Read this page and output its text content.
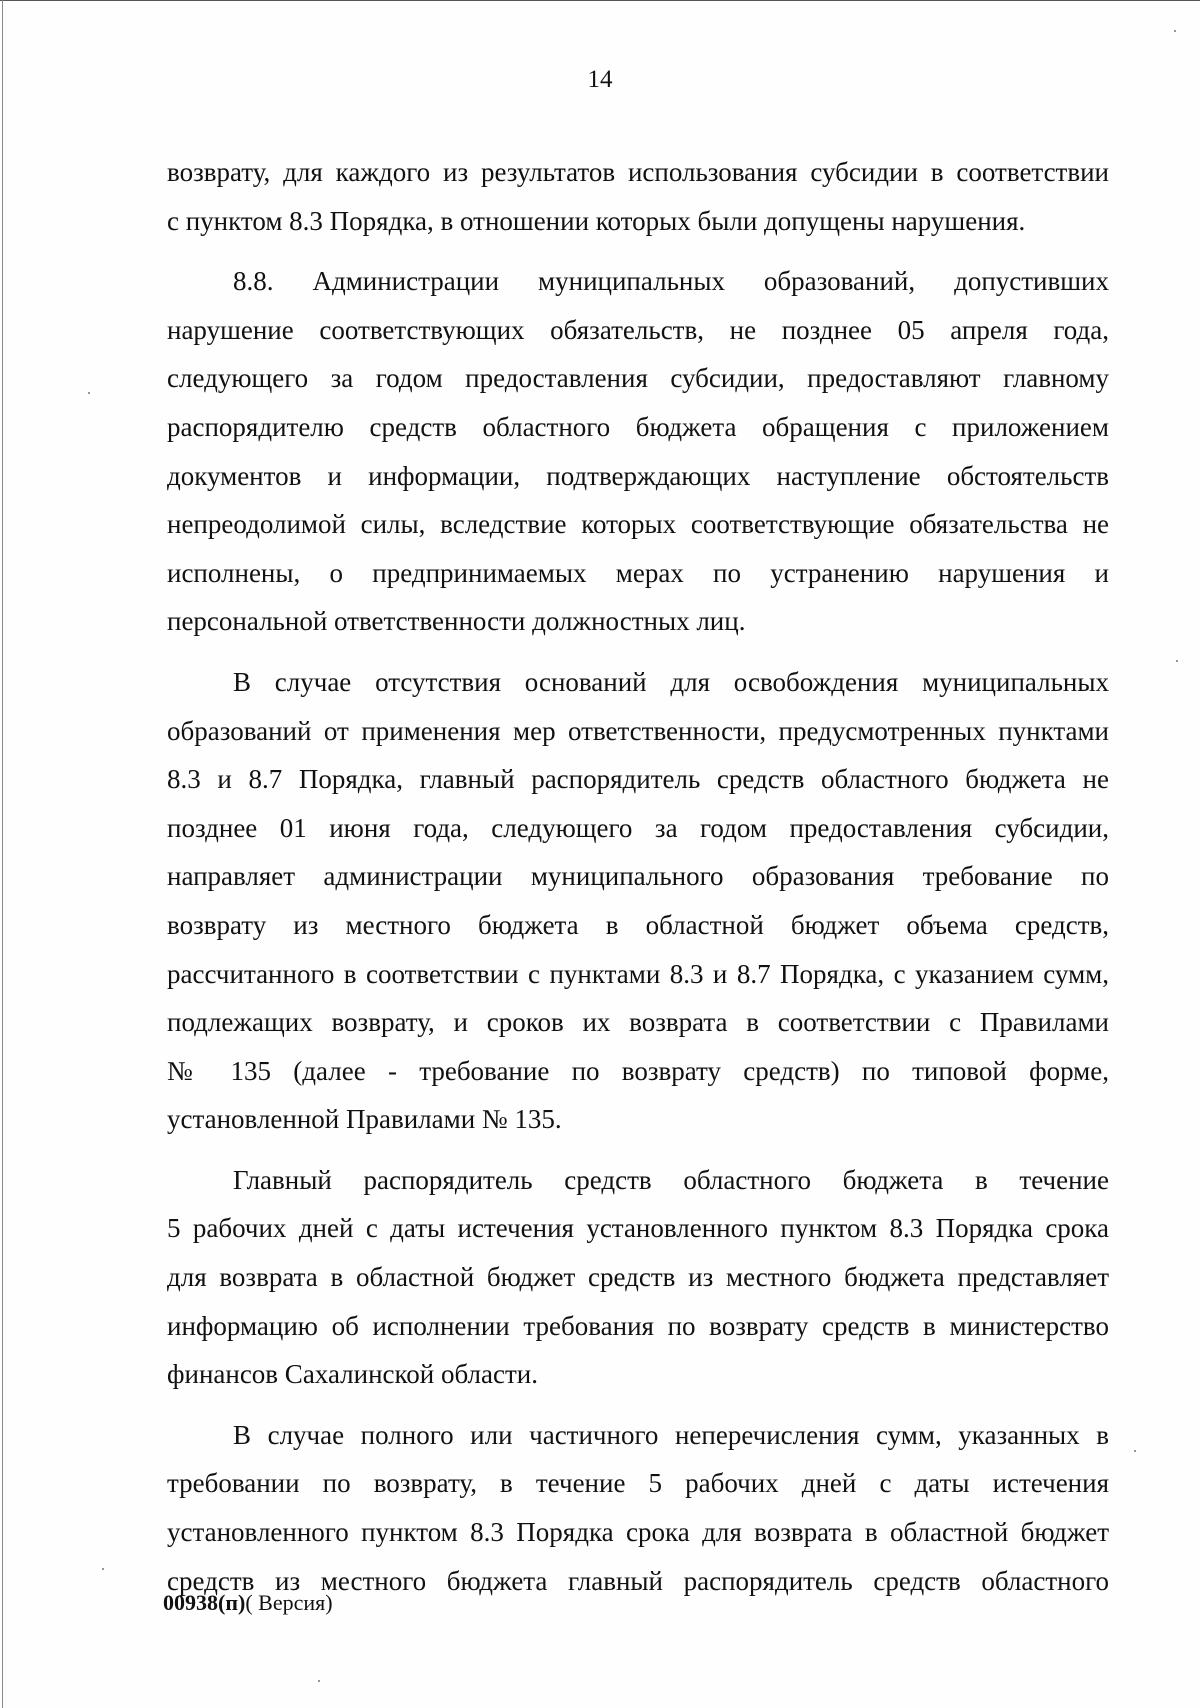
14

возврату, для каждого из результатов использования субсидии в соответствии

с пунктом 8.3 Порядка, в отношении которых были допущены нарушения.

8.8. Администрации муниципальных образований, допустивших

нарушение соответствующих обязательств, не позднее 05 апреля года,

следующего за годом предоставления субсидии, предоставляют главному

распорядителю средств областного бюджета обращения с приложением

документов и информации, подтверждающих наступление обстоятельств

непреодолимой силы, вследствие которых соответствующие обязательства не

исполнены, о предпринимаемых мерах по устранению нарушения и

персональной ответственности должностных лиц.

В случае отсутствия оснований для освобождения муниципальных

образований от применения мер ответственности, предусмотренных пунктами

8.3 и 8.7 Порядка, главный распорядитель средств областного бюджета не

позднее 01 июня года, следующего за годом предоставления субсидии,

направляет администрации муниципального образования требование по

возврату из местного бюджета в областной бюджет объема средств,

рассчитанного в соответствии с пунктами 8.3 и 8.7 Порядка, с указанием сумм,

подлежащих возврату, и сроков их возврата в соответствии с Правилами

№ 135 (далее - требование по возврату средств) по типовой форме,

установленной Правилами № 135.

Главный распорядитель средств областного бюджета в течение

5 рабочих дней с даты истечения установленного пунктом 8.3 Порядка срока

для возврата в областной бюджет средств из местного бюджета представляет

информацию об исполнении требования по возврату средств в министерство

финансов Сахалинской области.

В случае полного или частичного неперечисления сумм, указанных в

требовании по возврату, в течение 5 рабочих дней с даты истечения

установленного пунктом 8.3 Порядка срока для возврата в областной бюджет

средств из местного бюджета главный распорядитель средств областного

00938(п)( Версия)
